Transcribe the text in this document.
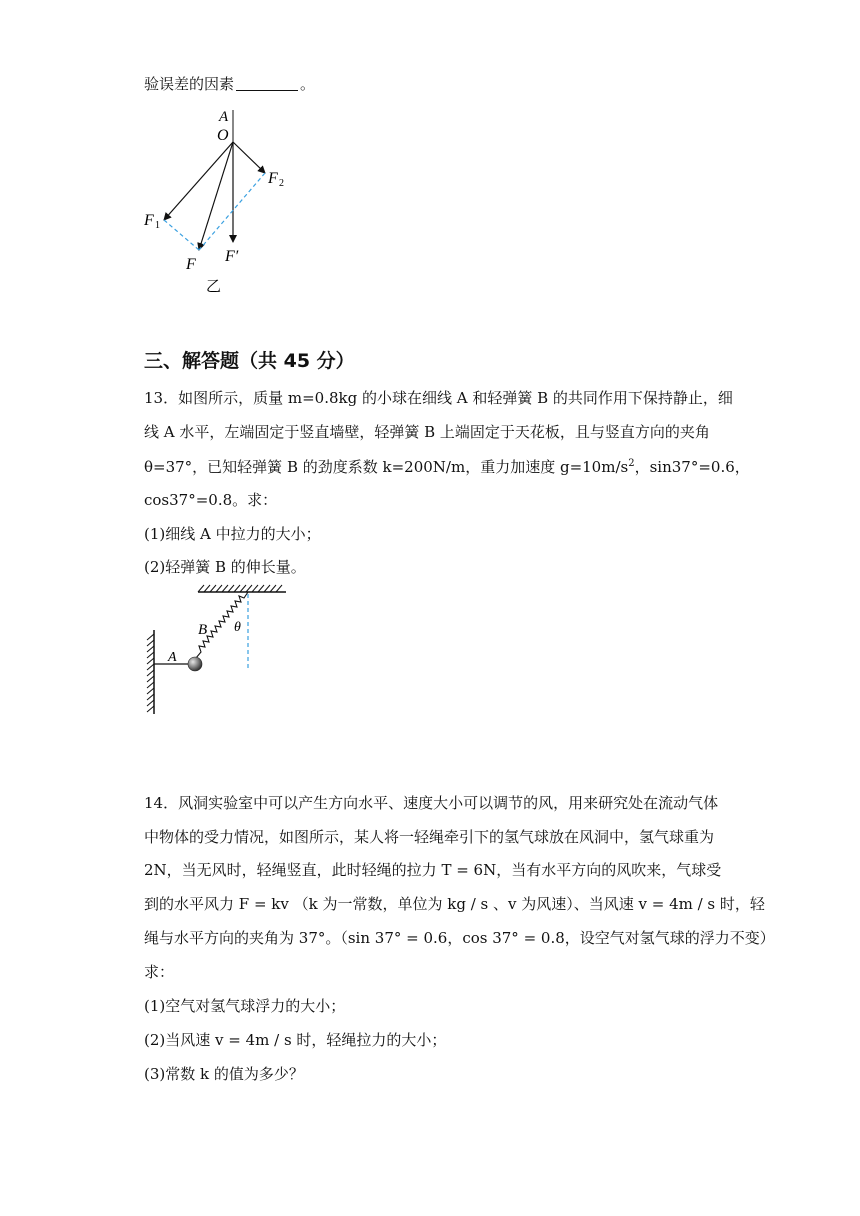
验误差的因素	。
A
O
F 2
F 1
F F′
乙
三、解答题（共 45 分）
13．如图所示，质量 m=0.8kg 的小球在细线 A 和轻弹簧 B 的共同作用下保持静止，细
线 A 水平，左端固定于竖直墙壁，轻弹簧 B 上端固定于天花板，且与竖直方向的夹角
θ=37°，已知轻弹簧 B 的劲度系数 k=200N/m，重力加速度 $g=10m/s^2$，sin37°=0.6，
cos37°=0.8。求：
(1)细线 A 中拉力的大小；
(2)轻弹簧 B 的伸长量。
A
B θ
14．风洞实验室中可以产生方向水平、速度大小可以调节的风，用来研究处在流动气体
中物体的受力情况，如图所示，某人将一轻绳牵引下的氢气球放在风洞中，氢气球重为
2N，当无风时，轻绳竖直，此时轻绳的拉力 T = 6N，当有水平方向的风吹来，气球受
到的水平风力 F = kv （k 为一常数，单位为 kg / s 、v 为风速）、当风速 v = 4m / s 时，轻
绳与水平方向的夹角为 37°。（sin 37° = 0.6，cos 37° = 0.8，设空气对氢气球的浮力不变）
求：
(1)空气对氢气球浮力的大小；
(2)当风速 v = 4m / s 时，轻绳拉力的大小；
(3)常数 k 的值为多少？
